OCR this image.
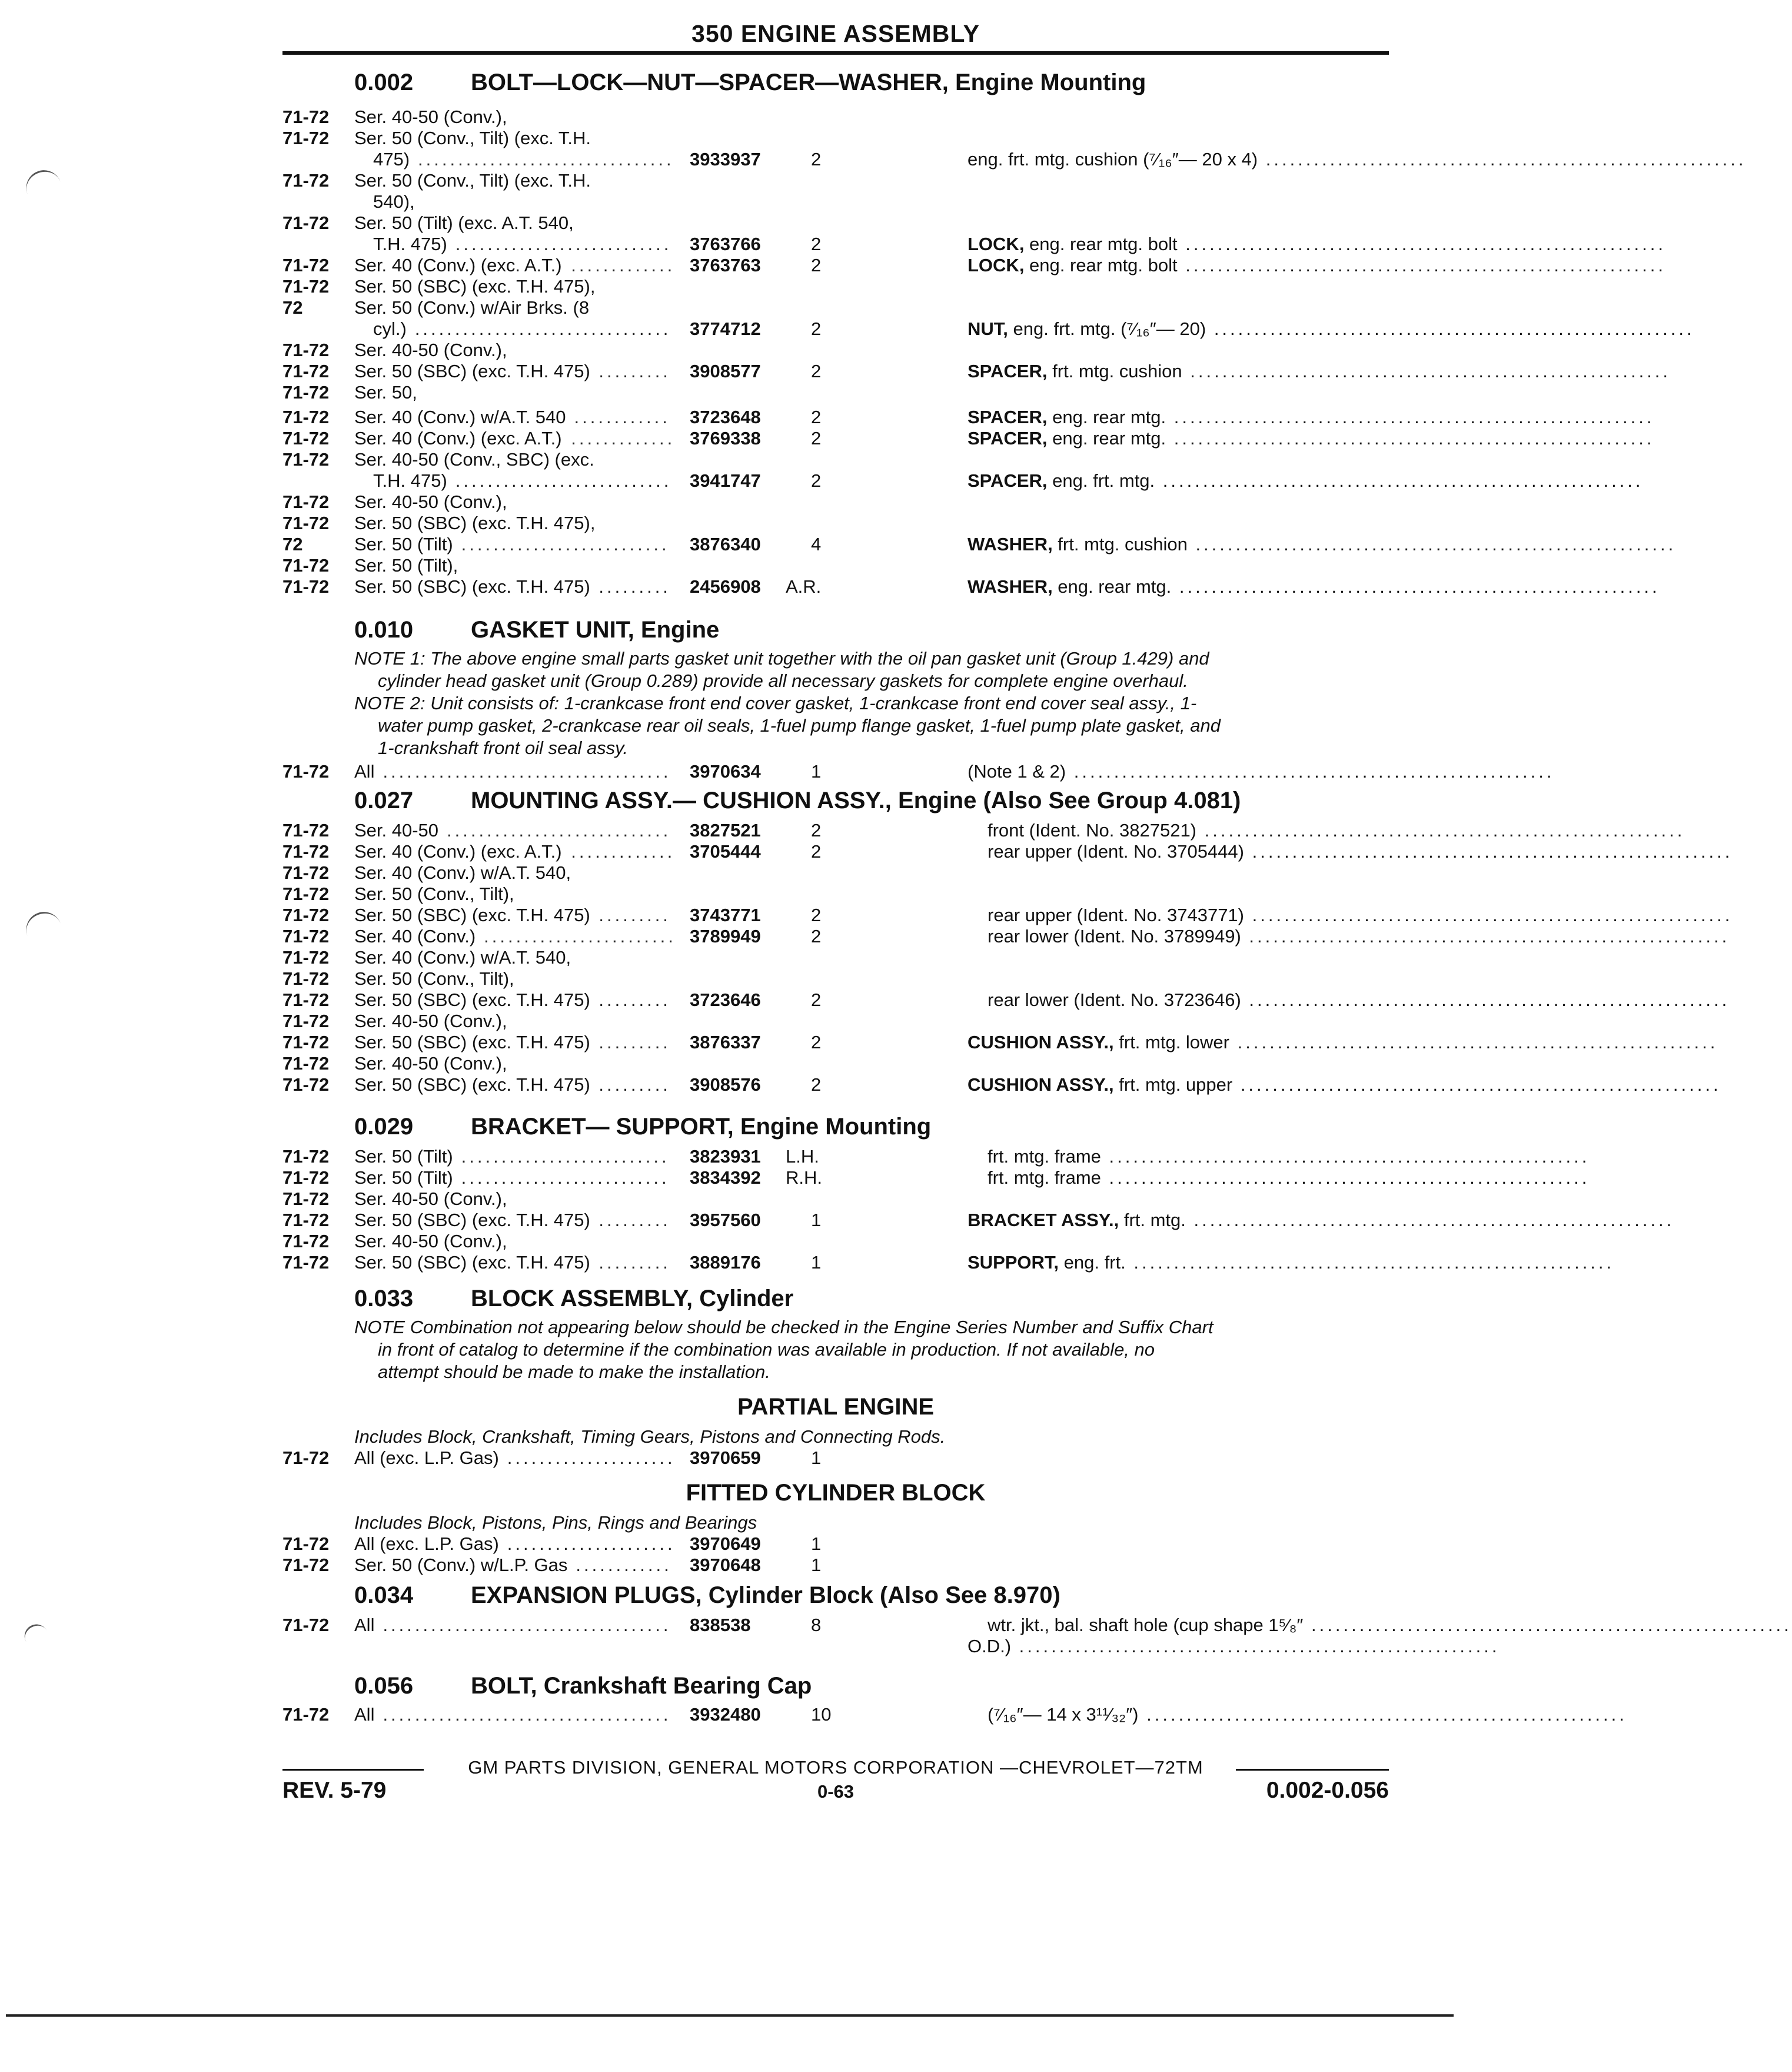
350 ENGINE ASSEMBLY
0.002 BOLT—LOCK—NUT—SPACER—WASHER, Engine Mounting
0.010 GASKET UNIT, Engine
0.027 MOUNTING ASSY.— CUSHION ASSY., Engine (Also See Group 4.081)
0.029 BRACKET— SUPPORT, Engine Mounting
0.033 BLOCK ASSEMBLY, Cylinder
0.034 EXPANSION PLUGS, Cylinder Block (Also See 8.970)
0.056 BOLT, Crankshaft Bearing Cap
NOTE 1: The above engine small parts gasket unit together with the oil pan gasket unit (Group 1.429) and
cylinder head gasket unit (Group 0.289) provide all necessary gaskets for complete engine overhaul.
NOTE 2: Unit consists of: 1-crankcase front end cover gasket, 1-crankcase front end cover seal assy., 1-
water pump gasket, 2-crankcase rear oil seals, 1-fuel pump flange gasket, 1-fuel pump plate gasket, and
1-crankshaft front oil seal assy.
NOTE Combination not appearing below should be checked in the Engine Series Number and Suffix Chart
in front of catalog to determine if the combination was available in production. If not available, no
attempt should be made to make the installation.
Includes Block, Crankshaft, Timing Gears, Pistons and Connecting Rods.
Includes Block, Pistons, Pins, Rings and Bearings
PARTIAL ENGINE
FITTED CYLINDER BLOCK
71-72 Ser. 40-50 (Conv.),
71-72 Ser. 50 (Conv., Tilt) (exc. T.H.
475) ................................ 3933937	2	eng. frt. mtg. cushion (⁷⁄₁₆″— 20 x 4) ............................................................
71-72 Ser. 50 (Conv., Tilt) (exc. T.H.
540),
71-72 Ser. 50 (Tilt) (exc. A.T. 540,
T.H. 475) ........................... 3763766	2	LOCK, eng. rear mtg. bolt ............................................................
71-72 Ser. 40 (Conv.) (exc. A.T.) ............. 3763763	2	LOCK, eng. rear mtg. bolt ............................................................
71-72 Ser. 50 (SBC) (exc. T.H. 475),
72	Ser. 50 (Conv.) w/Air Brks. (8
cyl.) ................................ 3774712	2	NUT, eng. frt. mtg. (⁷⁄₁₆″— 20) ............................................................
71-72 Ser. 40-50 (Conv.),
71-72 Ser. 50 (SBC) (exc. T.H. 475) ......... 3908577	2	SPACER, frt. mtg. cushion ............................................................
71-72 Ser. 50,
71-72 Ser. 40 (Conv.) w/A.T. 540 ............ 3723648	2	SPACER, eng. rear mtg. ............................................................
71-72 Ser. 40 (Conv.) (exc. A.T.) ............. 3769338	2	SPACER, eng. rear mtg. ............................................................
71-72 Ser. 40-50 (Conv., SBC) (exc.
T.H. 475) ........................... 3941747	2	SPACER, eng. frt. mtg. ............................................................
71-72 Ser. 40-50 (Conv.),
71-72 Ser. 50 (SBC) (exc. T.H. 475),
72	Ser. 50 (Tilt) .......................... 3876340	4	WASHER, frt. mtg. cushion ............................................................
71-72 Ser. 50 (Tilt),
71-72 Ser. 50 (SBC) (exc. T.H. 475) ......... 2456908 A.R.	WASHER, eng. rear mtg. ............................................................
71-72 All .................................... 3970634	1	(Note 1 & 2) ............................................................
71-72 Ser. 40-50 ............................ 3827521	2	front (Ident. No. 3827521) ............................................................
71-72 Ser. 40 (Conv.) (exc. A.T.) ............. 3705444	2	rear upper (Ident. No. 3705444) ............................................................
71-72 Ser. 40 (Conv.) w/A.T. 540,
71-72 Ser. 50 (Conv., Tilt),
71-72 Ser. 50 (SBC) (exc. T.H. 475) ......... 3743771	2	rear upper (Ident. No. 3743771) ............................................................
71-72 Ser. 40 (Conv.) ........................ 3789949	2	rear lower (Ident. No. 3789949) ............................................................
71-72 Ser. 40 (Conv.) w/A.T. 540,
71-72 Ser. 50 (Conv., Tilt),
71-72 Ser. 50 (SBC) (exc. T.H. 475) ......... 3723646	2	rear lower (Ident. No. 3723646) ............................................................
71-72 Ser. 40-50 (Conv.),
71-72 Ser. 50 (SBC) (exc. T.H. 475) ......... 3876337	2	CUSHION ASSY., frt. mtg. lower ............................................................
71-72 Ser. 40-50 (Conv.),
71-72 Ser. 50 (SBC) (exc. T.H. 475) ......... 3908576	2	CUSHION ASSY., frt. mtg. upper ............................................................
71-72 Ser. 50 (Tilt) .......................... 3823931 L.H.	frt. mtg. frame ............................................................
71-72 Ser. 50 (Tilt) .......................... 3834392 R.H.	frt. mtg. frame ............................................................
71-72 Ser. 40-50 (Conv.),
71-72 Ser. 50 (SBC) (exc. T.H. 475) ......... 3957560	1	BRACKET ASSY., frt. mtg. ............................................................
71-72 Ser. 40-50 (Conv.),
71-72 Ser. 50 (SBC) (exc. T.H. 475) ......... 3889176	1	SUPPORT, eng. frt. ............................................................
71-72 All (exc. L.P. Gas) ..................... 3970659	1
71-72 All (exc. L.P. Gas) ..................... 3970649	1
71-72 Ser. 50 (Conv.) w/L.P. Gas ............ 3970648	1
71-72 All .................................... 838538	8	wtr. jkt., bal. shaft hole (cup shape 1⁵⁄₈″ ............................................................
O.D.) ............................................................
71-72 All .................................... 3932480	10	(⁷⁄₁₆″— 14 x 3¹¹⁄₃₂″) ............................................................
GM PARTS DIVISION, GENERAL MOTORS CORPORATION —CHEVROLET—72TM
REV. 5-79	0-63	0.002-0.056
